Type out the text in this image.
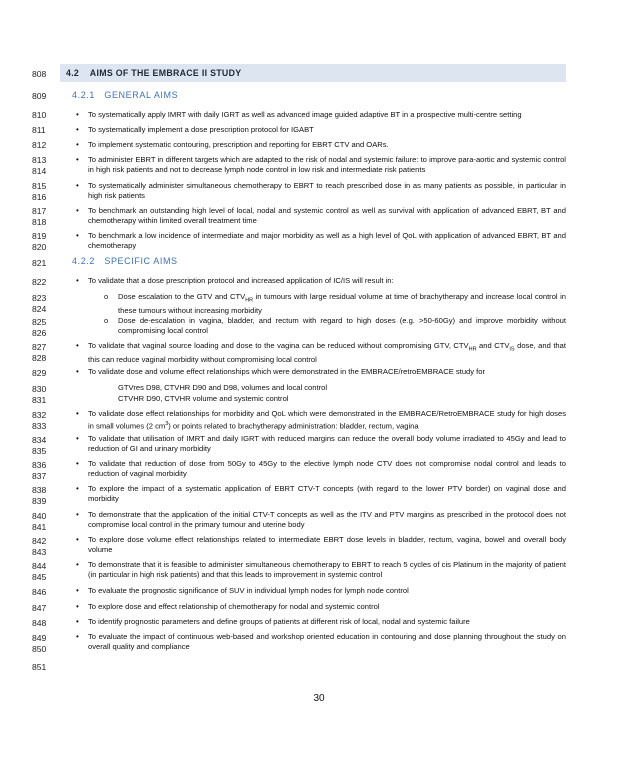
808
809
810
811
812
813
814
815
816
817
818
819
820
821
822
823
824
825
826
827
828
829
830
831
832
833
834
835
836
837
838
839
840
841
842
843
844
845
846
847
848
849
850
851
4.2 AIMS OF THE EMBRACE II STUDY
4.2.1 GENERAL AIMS
• To systematically apply IMRT with daily IGRT as well as advanced image guided adaptive BT in a prospective multi-centre setting
• To systematically implement a dose prescription protocol for IGABT
• To implement systematic contouring, prescription and reporting for EBRT CTV and OARs.
• To administer EBRT in different targets which are adapted to the risk of nodal and systemic failure: to improve para-aortic and systemic control in high risk patients and not to decrease lymph node control in low risk and intermediate risk patients
• To systematically administer simultaneous chemotherapy to EBRT to reach prescribed dose in as many patients as possible, in particular in high risk patients
• To benchmark an outstanding high level of local, nodal and systemic control as well as survival with application of advanced EBRT, BT and chemotherapy within limited overall treatment time
• To benchmark a low incidence of intermediate and major morbidity as well as a high level of QoL with application of advanced EBRT, BT and chemotherapy
4.2.2 SPECIFIC AIMS
• To validate that a dose prescription protocol and increased application of IC/IS will result in:
o Dose escalation to the GTV and $CTV_{HR}$ in tumours with large residual volume at time of brachytherapy and increase local control in these tumours without increasing morbidity
o Dose de-escalation in vagina, bladder, and rectum with regard to high doses (e.g. >50-60Gy) and improve morbidity without compromising local control
• To validate that vaginal source loading and dose to the vagina can be reduced without compromising GTV, $CTV_{HR}$ and $CTV_{IS}$ dose, and that this can reduce vaginal morbidity without compromising local control
• To validate dose and volume effect relationships which were demonstrated in the EMBRACE/retroEMBRACE study for
GTVres D98, CTVHR D90 and D98, volumes and local control
CTVHR D90, CTVHR volume and systemic control
• To validate dose effect relationships for morbidity and QoL which were demonstrated in the EMBRACE/RetroEMBRACE study for high doses in small volumes (2 $cm^3$) or points related to brachytherapy administration: bladder, rectum, vagina
• To validate that utilisation of IMRT and daily IGRT with reduced margins can reduce the overall body volume irradiated to 45Gy and lead to reduction of GI and urinary morbidity
• To validate that reduction of dose from 50Gy to 45Gy to the elective lymph node CTV does not compromise nodal control and leads to reduction of vaginal morbidity
• To explore the impact of a systematic application of EBRT CTV-T concepts (with regard to the lower PTV border) on vaginal dose and morbidity
• To demonstrate that the application of the initial CTV-T concepts as well as the ITV and PTV margins as prescribed in the protocol does not compromise local control in the primary tumour and uterine body
• To explore dose volume effect relationships related to intermediate EBRT dose levels in bladder, rectum, vagina, bowel and overall body volume
• To demonstrate that it is feasible to administer simultaneous chemotherapy to EBRT to reach 5 cycles of cis Platinum in the majority of patient (in particular in high risk patients) and that this leads to improvement in systemic control
• To evaluate the prognostic significance of SUV in individual lymph nodes for lymph node control
• To explore dose and effect relationship of chemotherapy for nodal and systemic control
• To identify prognostic parameters and define groups of patients at different risk of local, nodal and systemic failure
• To evaluate the impact of continuous web-based and workshop oriented education in contouring and dose planning throughout the study on overall quality and compliance
30
